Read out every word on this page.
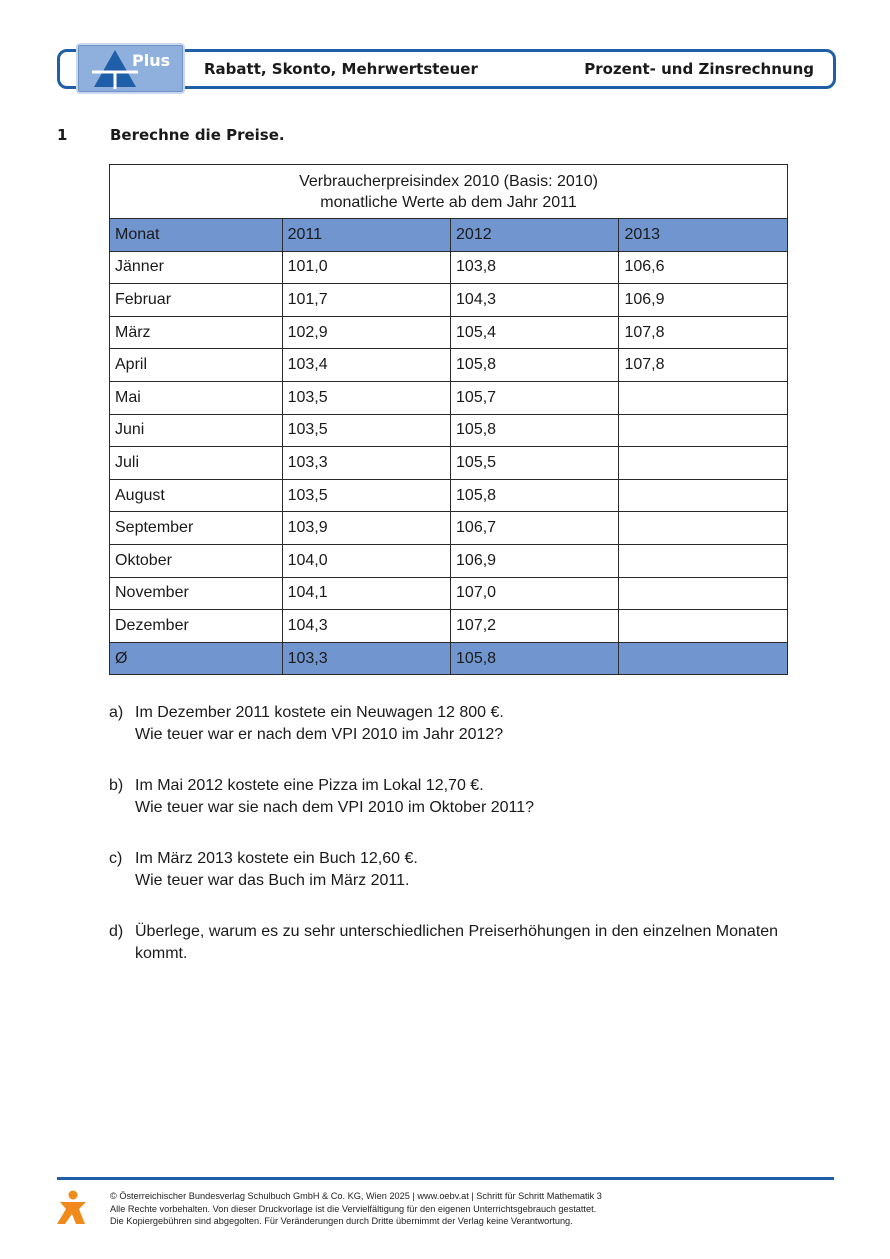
Plus Rabatt, Skonto, Mehrwertsteuer	Prozent- und Zinsrechnung
1	Berechne die Preise.
Verbraucherpreisindex 2010 (Basis: 2010)
monatliche Werte ab dem Jahr 2011			

Monat	2011	2012	2013
Jänner	101,0	103,8	106,6
Februar	101,7	104,3	106,9
März	102,9	105,4	107,8
April	103,4	105,8	107,8
Mai	103,5	105,7	
Juni	103,5	105,8	
Juli	103,3	105,5	
August	103,5	105,8	
September	103,9	106,7	
Oktober	104,0	106,9	
November	104,1	107,0	
Dezember	104,3	107,2	
Ø	103,3	105,8	
a) Im Dezember 2011 kostete ein Neuwagen 12 800 €.
Wie teuer war er nach dem VPI 2010 im Jahr 2012?
b) Im Mai 2012 kostete eine Pizza im Lokal 12,70 €.
Wie teuer war sie nach dem VPI 2010 im Oktober 2011?
c) Im März 2013 kostete ein Buch 12,60 €.
Wie teuer war das Buch im März 2011.
d) Überlege, warum es zu sehr unterschiedlichen Preiserhöhungen in den einzelnen Monaten
kommt.
© Österreichischer Bundesverlag Schulbuch GmbH & Co. KG, Wien 2025 | www.oebv.at | Schritt für Schritt Mathematik 3
Alle Rechte vorbehalten. Von dieser Druckvorlage ist die Vervielfältigung für den eigenen Unterrichtsgebrauch gestattet.
Die Kopiergebühren sind abgegolten. Für Veränderungen durch Dritte übernimmt der Verlag keine Verantwortung.
